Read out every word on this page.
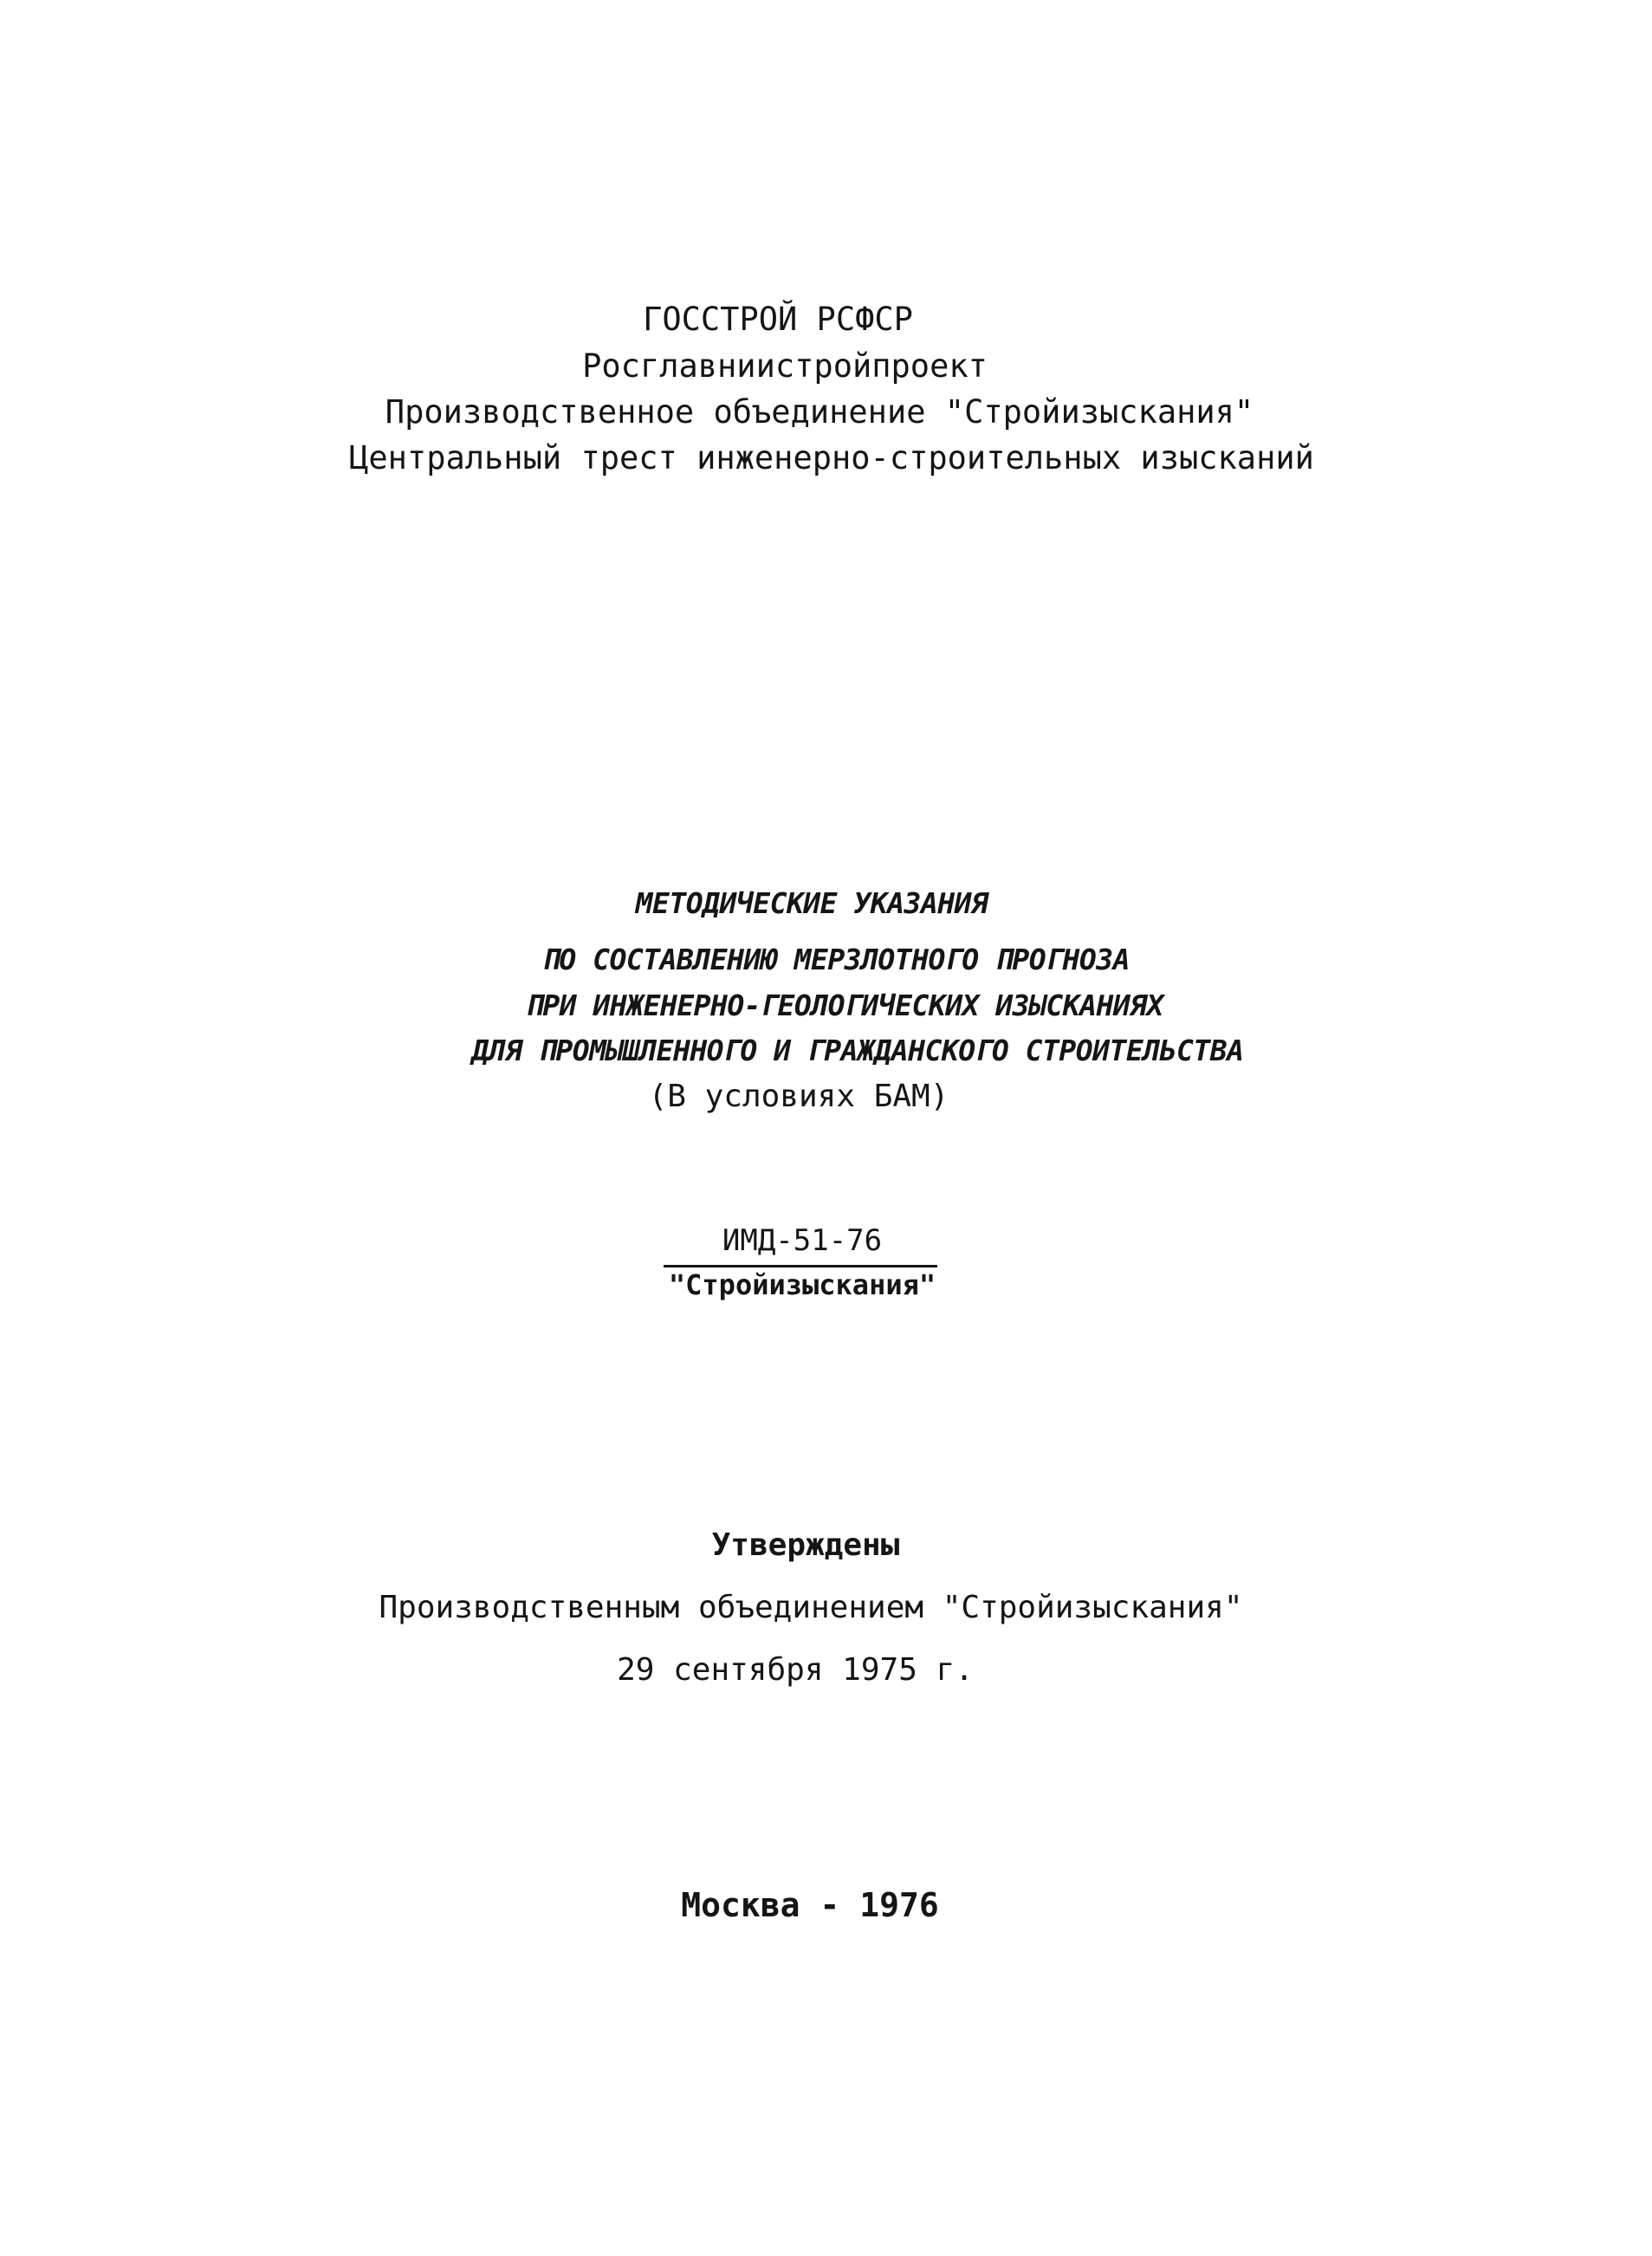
ГОССТРОЙ РСФСР

Росглавниистройпроект

Производственное объединение "Стройизыскания"

Центральный трест инженерно-строительных изысканий

МЕТОДИЧЕСКИЕ УКАЗАНИЯ

ПО СОСТАВЛЕНИЮ МЕРЗЛОТНОГО ПРОГНОЗА

ПРИ ИНЖЕНЕРНО-ГЕОЛОГИЧЕСКИХ ИЗЫСКАНИЯХ

ДЛЯ ПРОМЫШЛЕННОГО И ГРАЖДАНСКОГО СТРОИТЕЛЬСТВА

(В условиях БАМ)

ИМД-51-76

"Стройизыскания"

Утверждены

Производственным объединением "Стройизыскания"

29 сентября 1975 г.

Москва - 1976
